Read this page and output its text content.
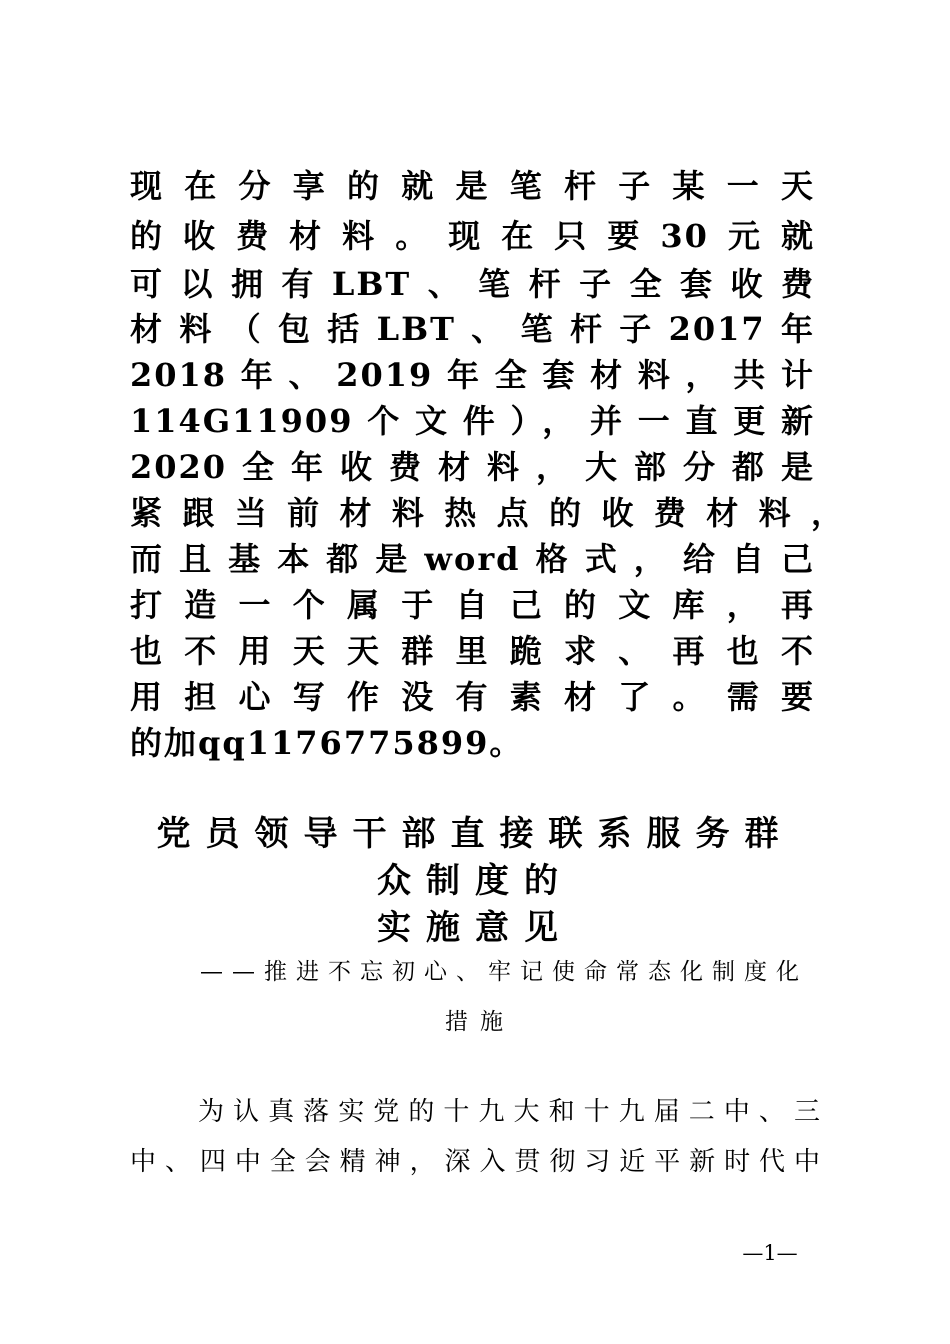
现在分享的就是笔杆子某一天

的收费材料。现在只要30元就

可以拥有LBT、笔杆子全套收费

材料（包括LBT、笔杆子2017年

2018年、2019年全套材料，共计

114G11909个文件），并一直更新

2020全年收费材料，大部分都是

紧跟当前材料热点的收费材料，

而且基本都是word格式，给自己

打造一个属于自己的文库，再

也不用天天群里跪求、再也不

用担心写作没有素材了。需要

的加qq1176775899。

党员领导干部直接联系服务群

众制度的

实施意见

——推进不忘初心、牢记使命常态化制度化

措施

为认真落实党的十九大和十九届二中、三

中、四中全会精神，深入贯彻习近平新时代中

—1—
